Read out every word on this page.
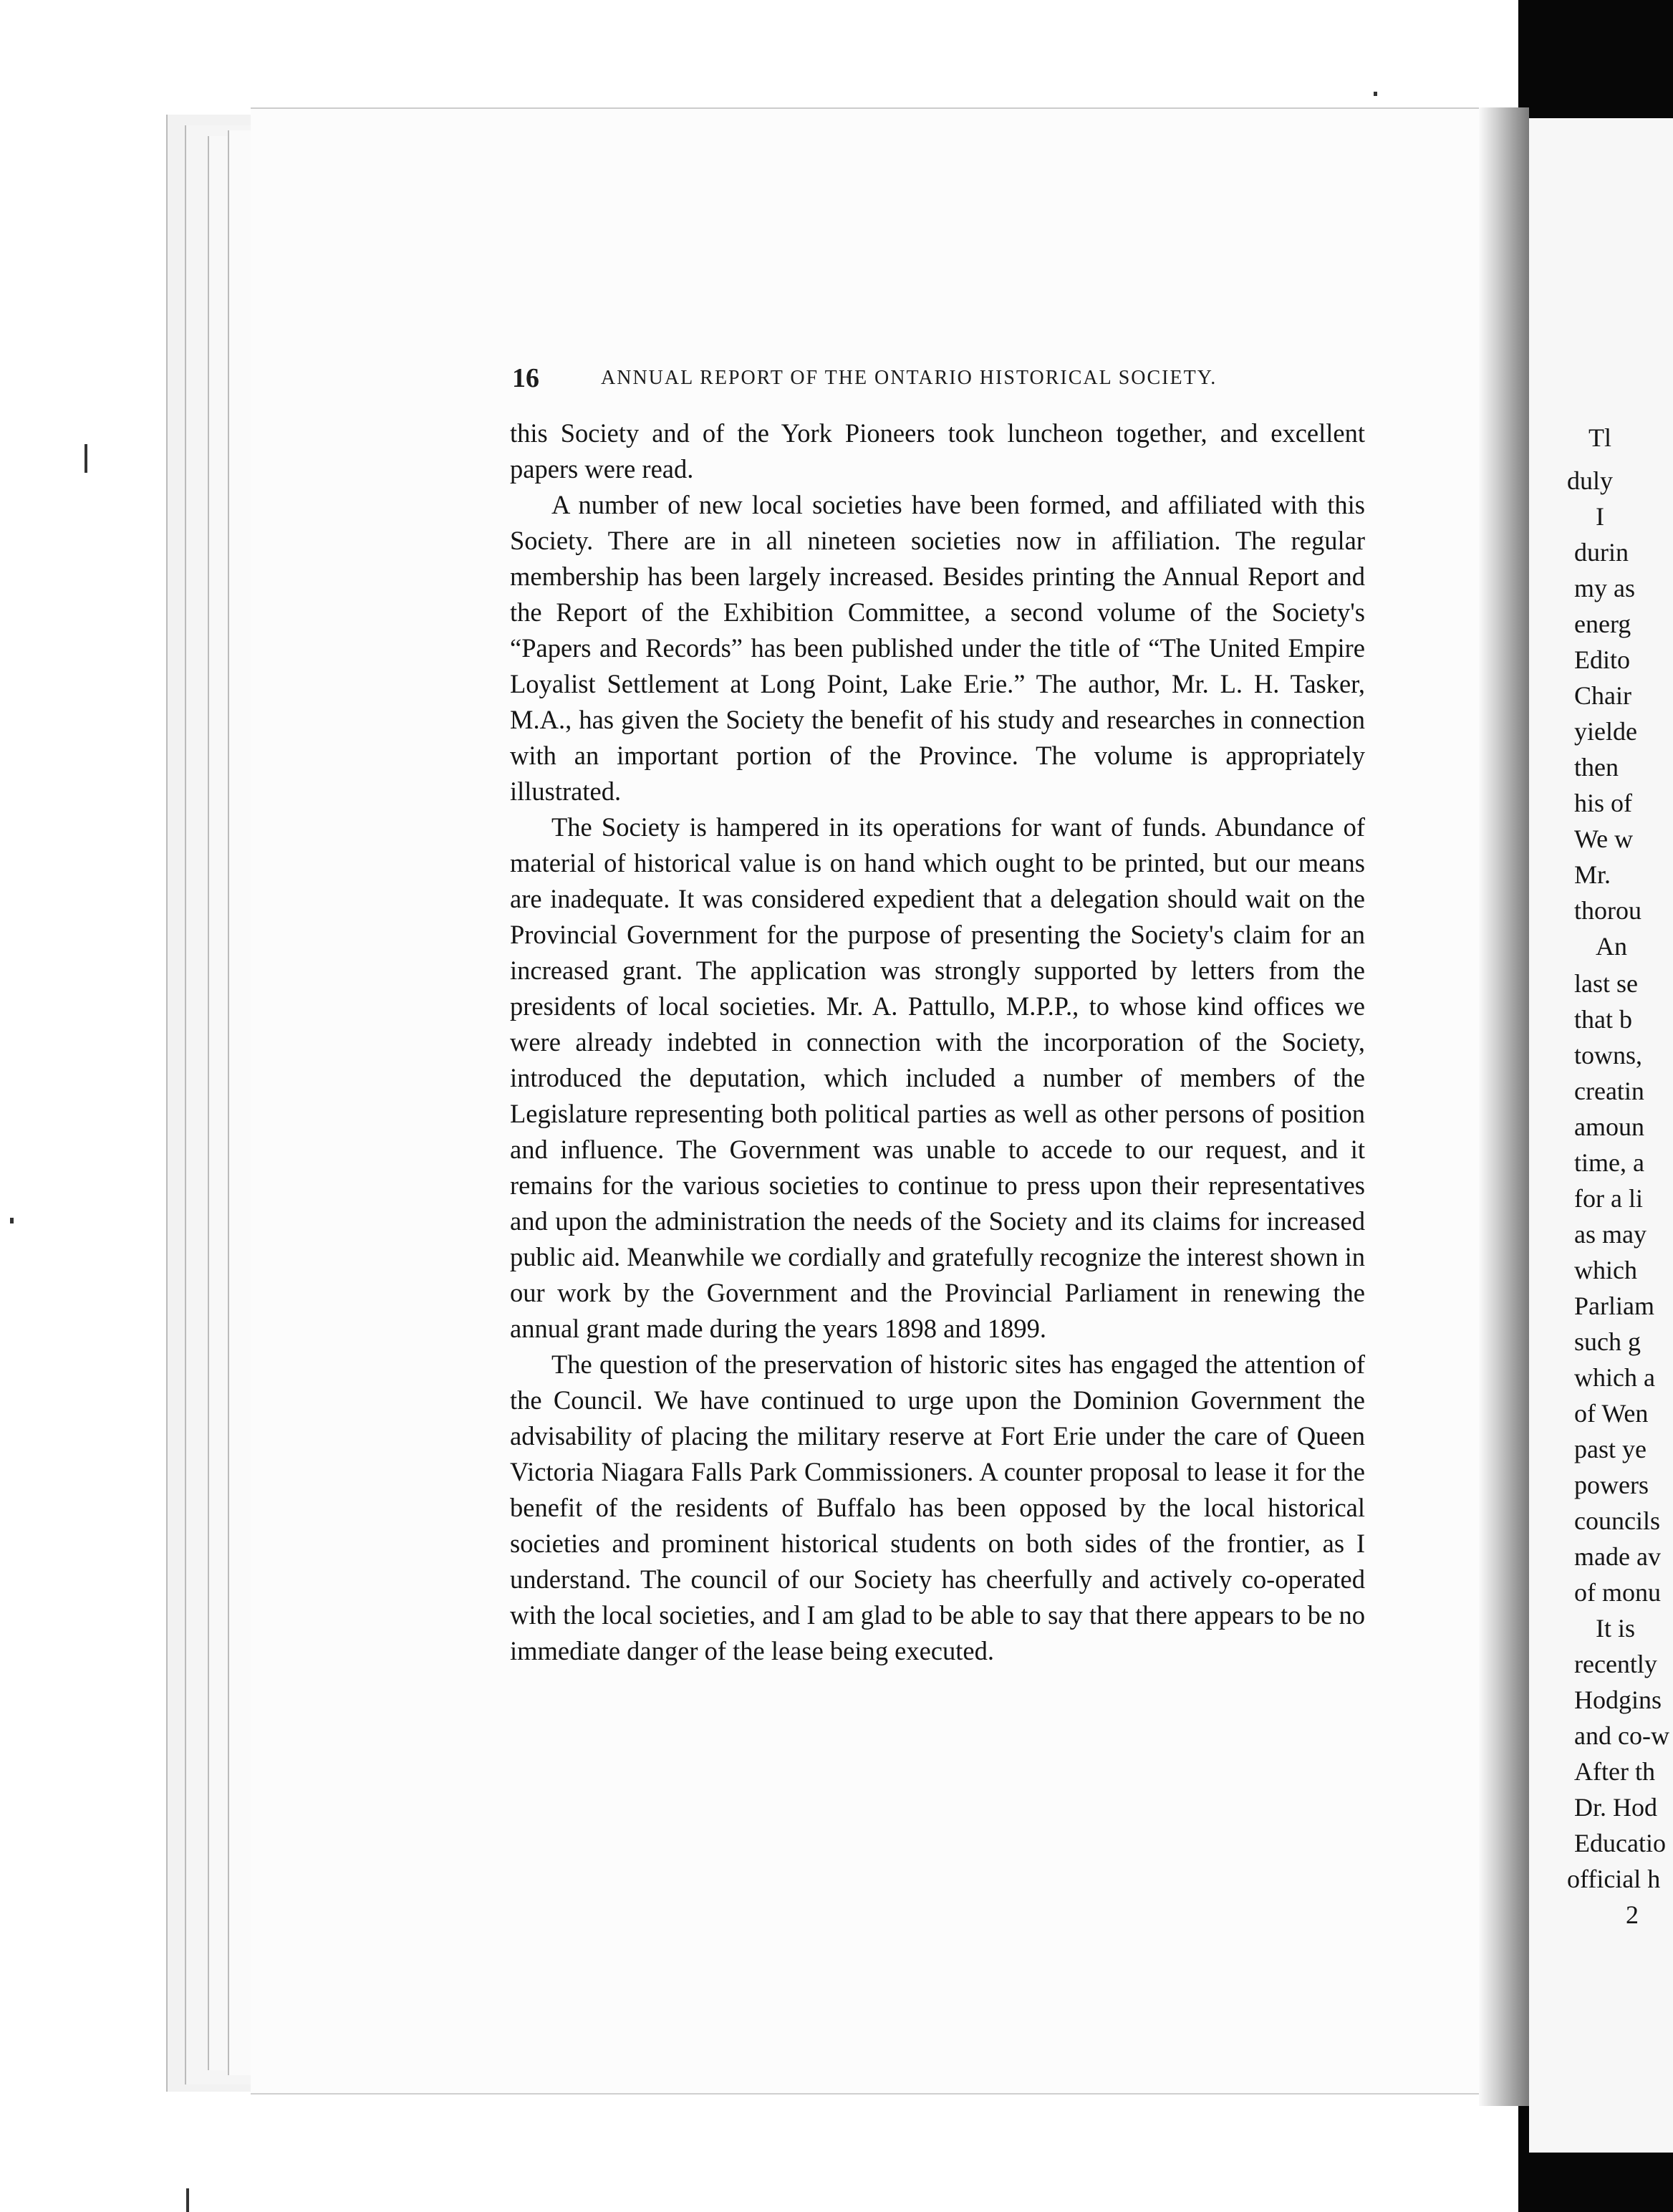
Tl
duly
I
durin
my as
energ
Edito
Chair
yielde
then
his of
We w
Mr.
thorou
An
last se
that b
towns,
creatin
amoun
time, a
for a li
as may
which
Parliam
such g
which a
of Wen
past ye
powers
councils
made av
of monu
It is
recently
Hodgins
and co-w
After th
Dr. Hod
Educatio
official h
2
16	ANNUAL REPORT OF THE ONTARIO HISTORICAL SOCIETY.

this Society and of the York Pioneers took luncheon together, and excellent papers were read.

A number of new local societies have been formed, and affiliated with this Society. There are in all nineteen societies now in affiliation. The regular membership has been largely increased. Besides printing the Annual Report and the Report of the Exhibition Committee, a second volume of the Society's “Papers and Records” has been published under the title of “The United Empire Loyalist Settlement at Long Point, Lake Erie.” The author, Mr. L. H. Tasker, M.A., has given the Society the benefit of his study and researches in connection with an important portion of the Province. The volume is appropriately illustrated.

The Society is hampered in its operations for want of funds. Abundance of material of historical value is on hand which ought to be printed, but our means are inadequate. It was considered expedient that a delegation should wait on the Provincial Government for the purpose of presenting the Society's claim for an increased grant. The application was strongly supported by letters from the presidents of local societies. Mr. A. Pattullo, M.P.P., to whose kind offices we were already indebted in connection with the incorporation of the Society, introduced the deputation, which included a number of members of the Legislature representing both political parties as well as other persons of position and influence. The Government was unable to accede to our request, and it remains for the various societies to continue to press upon their representatives and upon the administration the needs of the Society and its claims for increased public aid. Meanwhile we cordially and gratefully recognize the interest shown in our work by the Government and the Provincial Parliament in renewing the annual grant made during the years 1898 and 1899.

The question of the preservation of historic sites has engaged the attention of the Council. We have continued to urge upon the Dominion Government the advisability of placing the military reserve at Fort Erie under the care of Queen Victoria Niagara Falls Park Commissioners. A counter proposal to lease it for the benefit of the residents of Buffalo has been opposed by the local historical societies and prominent historical students on both sides of the frontier, as I understand. The council of our Society has cheerfully and actively co-operated with the local societies, and I am glad to be able to say that there appears to be no immediate danger of the lease being executed.
